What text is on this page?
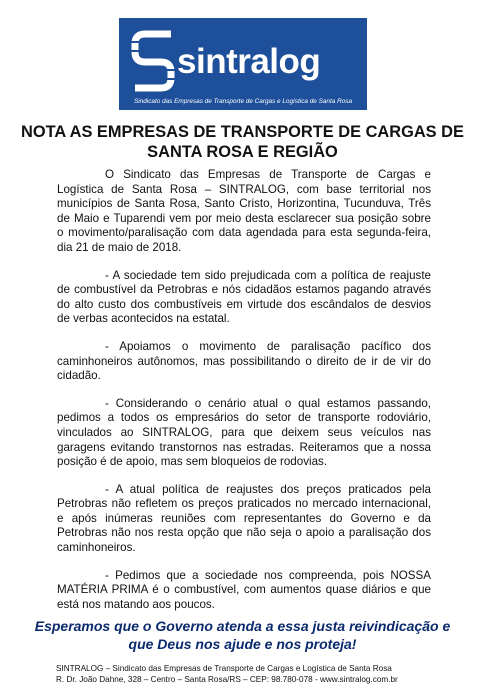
sintralog
Sindicato das Empresas de Transporte de Cargas e Logística de Santa Rosa
NOTA AS EMPRESAS DE TRANSPORTE DE CARGAS DE SANTA ROSA E REGIÃO

O Sindicato das Empresas de Transporte de Cargas e Logística de Santa Rosa – SINTRALOG, com base territorial nos municípios de Santa Rosa, Santo Cristo, Horizontina, Tucunduva, Três de Maio e Tuparendi vem por meio desta esclarecer sua posição sobre o movimento/paralisação com data agendada para esta segunda-feira, dia 21 de maio de 2018.

- A sociedade tem sido prejudicada com a política de reajuste de combustível da Petrobras e nós cidadãos estamos pagando através do alto custo dos combustíveis em virtude dos escândalos de desvios de verbas acontecidos na estatal.

- Apoiamos o movimento de paralisação pacífico dos caminhoneiros autônomos, mas possibilitando o direito de ir de vir do cidadão.

- Considerando o cenário atual o qual estamos passando, pedimos a todos os empresários do setor de transporte rodoviário, vinculados ao SINTRALOG, para que deixem seus veículos nas garagens evitando transtornos nas estradas. Reiteramos que a nossa posição é de apoio, mas sem bloqueios de rodovias.

- A atual política de reajustes dos preços praticados pela Petrobras não refletem os preços praticados no mercado internacional, e após inúmeras reuniões com representantes do Governo e da Petrobras não nos resta opção que não seja o apoio a paralisação dos caminhoneiros.

- Pedimos que a sociedade nos compreenda, pois NOSSA MATÉRIA PRIMA é o combustível, com aumentos quase diários e que está nos matando aos poucos.

Esperamos que o Governo atenda a essa justa reivindicação e que Deus nos ajude e nos proteja!
SINTRALOG – Sindicato das Empresas de Transporte de Cargas e Logística de Santa Rosa
R. Dr. João Dahne, 328 – Centro – Santa Rosa/RS – CEP: 98.780-078 - www.sintralog.com.br
